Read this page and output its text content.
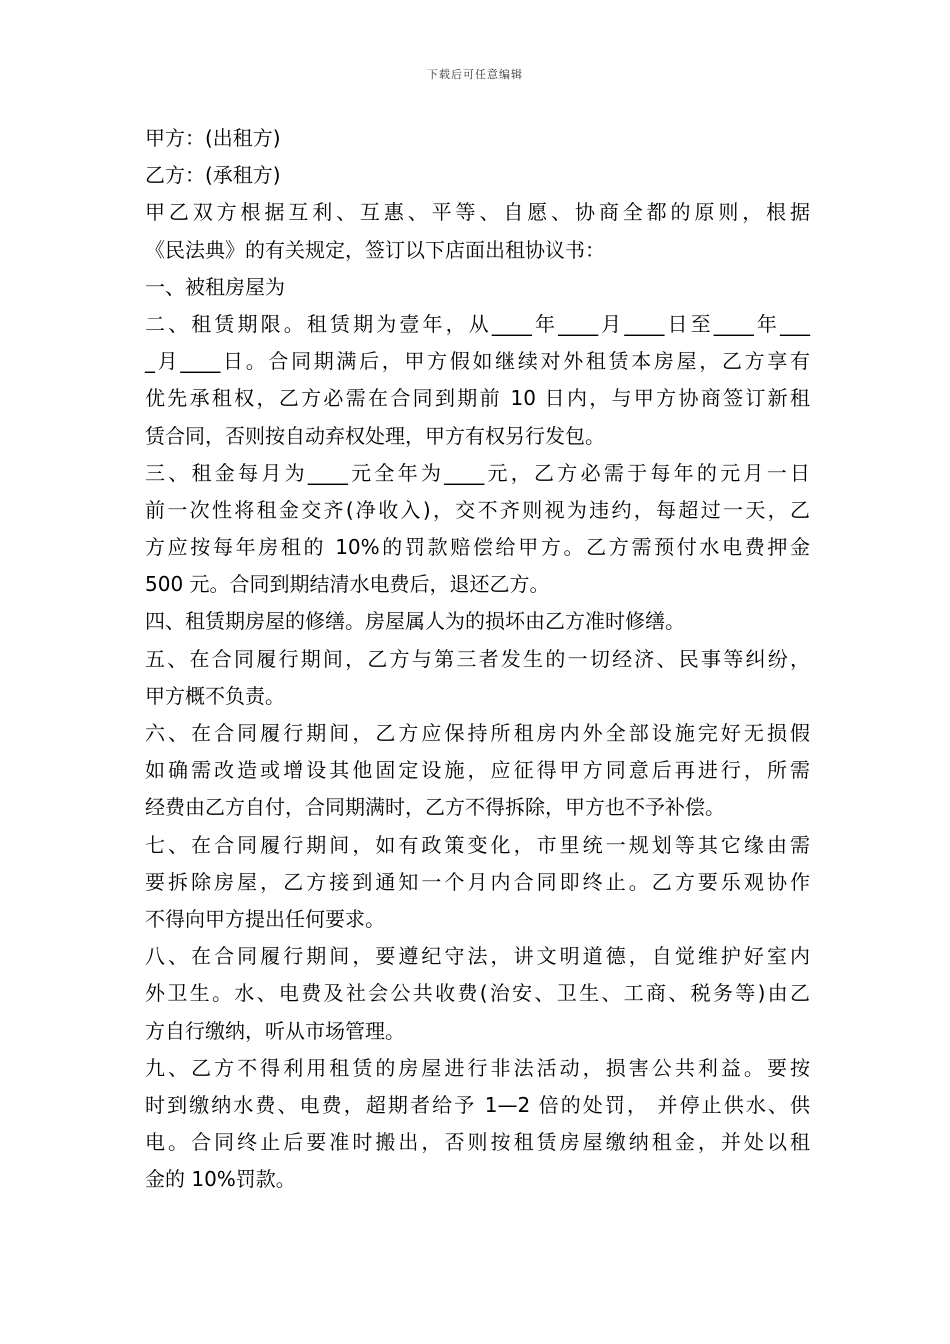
下载后可任意编辑
甲方：(出租方)
乙方：(承租方)
甲乙双方根据互利、互惠、平等、自愿、协商全都的原则，根据
《民法典》的有关规定，签订以下店面出租协议书：
一、被租房屋为
二、租赁期限。租赁期为壹年，从____年____月____日至____年___
_月____日。合同期满后，甲方假如继续对外租赁本房屋，乙方享有
优先承租权，乙方必需在合同到期前 10 日内，与甲方协商签订新租
赁合同，否则按自动弃权处理，甲方有权另行发包。
三、租金每月为____元全年为____元，乙方必需于每年的元月一日
前一次性将租金交齐(净收入)，交不齐则视为违约，每超过一天，乙
方应按每年房租的 10%的罚款赔偿给甲方。乙方需预付水电费押金
500 元。合同到期结清水电费后，退还乙方。
四、租赁期房屋的修缮。房屋属人为的损坏由乙方准时修缮。
五、在合同履行期间，乙方与第三者发生的一切经济、民事等纠纷，
甲方概不负责。
六、在合同履行期间，乙方应保持所租房内外全部设施完好无损假
如确需改造或增设其他固定设施，应征得甲方同意后再进行，所需
经费由乙方自付，合同期满时，乙方不得拆除，甲方也不予补偿。
七、在合同履行期间，如有政策变化，市里统一规划等其它缘由需
要拆除房屋，乙方接到通知一个月内合同即终止。乙方要乐观协作
不得向甲方提出任何要求。
八、在合同履行期间，要遵纪守法，讲文明道德，自觉维护好室内
外卫生。水、电费及社会公共收费(治安、卫生、工商、税务等)由乙
方自行缴纳，听从市场管理。
九、乙方不得利用租赁的房屋进行非法活动，损害公共利益。要按
时到缴纳水费、电费，超期者给予 1—2 倍的处罚， 并停止供水、供
电。合同终止后要准时搬出，否则按租赁房屋缴纳租金，并处以租
金的 10%罚款。
